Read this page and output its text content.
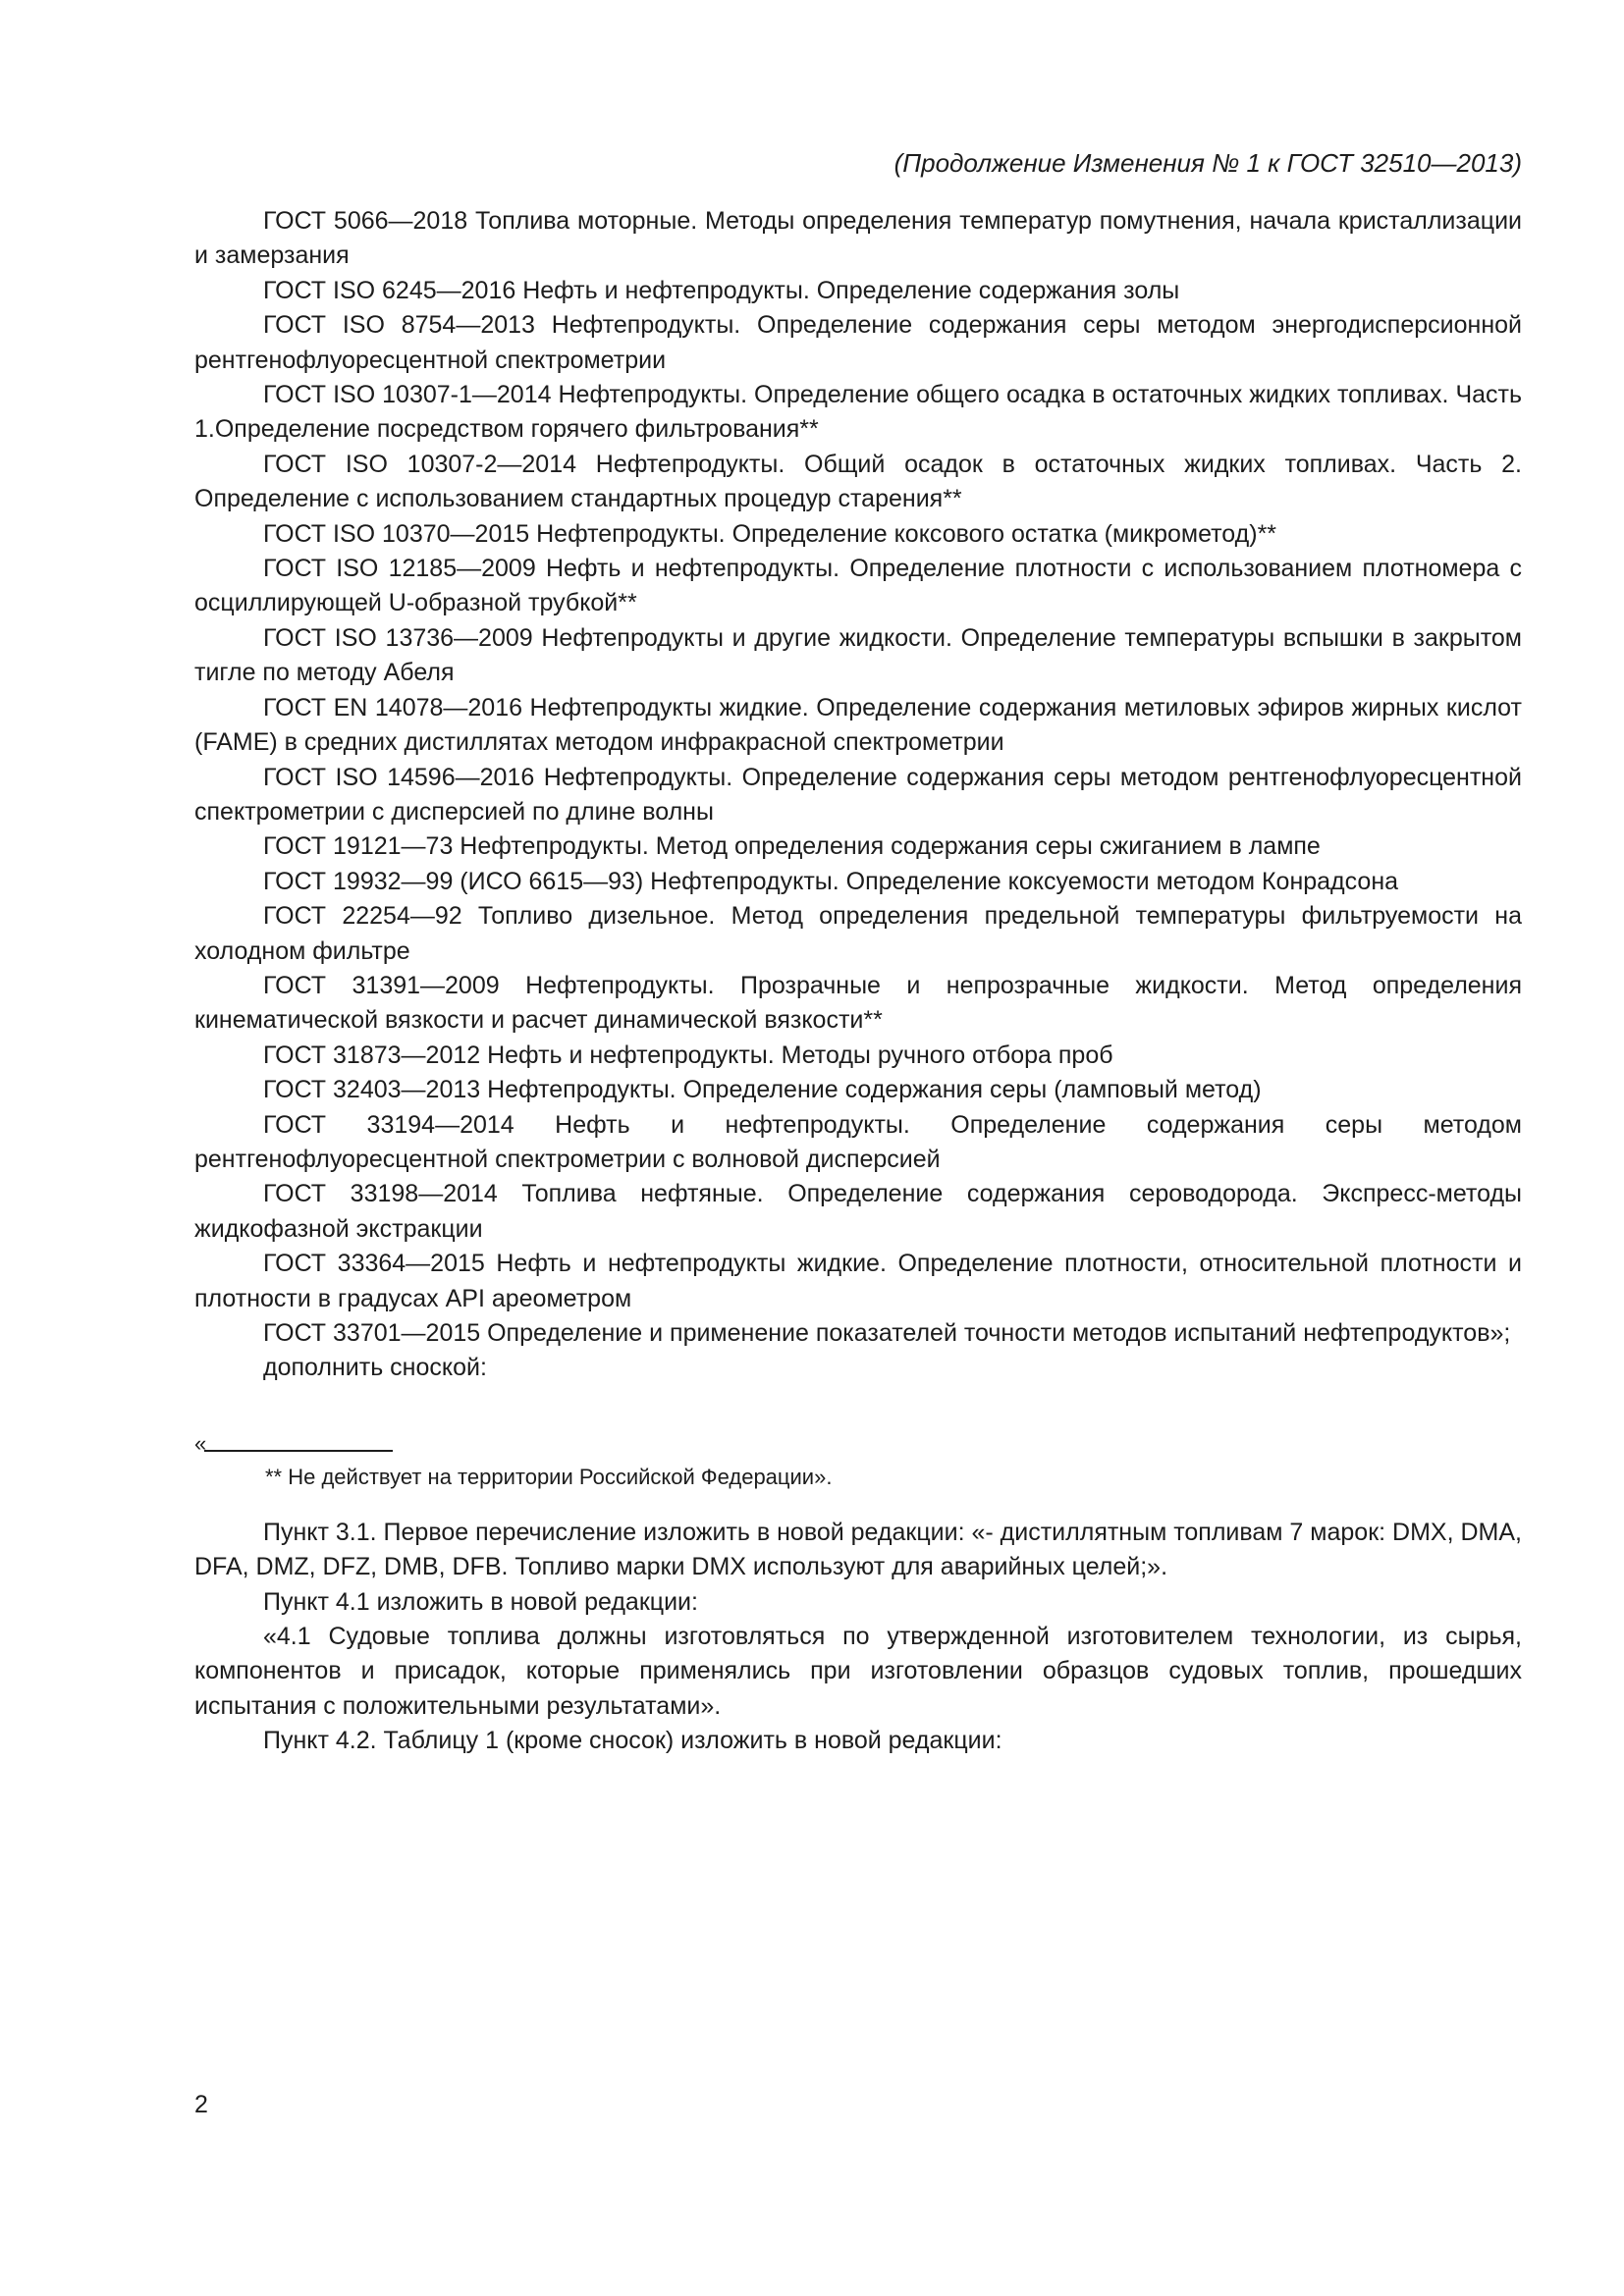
(Продолжение Изменения № 1 к ГОСТ 32510—2013)

ГОСТ 5066—2018 Топлива моторные. Методы определения температур помутнения, начала кристаллизации и замерзания

ГОСТ ISO 6245—2016 Нефть и нефтепродукты. Определение содержания золы

ГОСТ ISO 8754—2013 Нефтепродукты. Определение содержания серы методом энергодисперсионной рентгенофлуоресцентной спектрометрии

ГОСТ ISO 10307-1—2014 Нефтепродукты. Определение общего осадка в остаточных жидких топливах. Часть 1.Определение посредством горячего фильтрования**

ГОСТ ISO 10307-2—2014 Нефтепродукты. Общий осадок в остаточных жидких топливах. Часть 2. Определение с использованием стандартных процедур старения**

ГОСТ ISO 10370—2015 Нефтепродукты. Определение коксового остатка (микрометод)**

ГОСТ ISO 12185—2009 Нефть и нефтепродукты. Определение плотности с использованием плотномера с осциллирующей U-образной трубкой**

ГОСТ ISO 13736—2009 Нефтепродукты и другие жидкости. Определение температуры вспышки в закрытом тигле по методу Абеля

ГОСТ EN 14078—2016 Нефтепродукты жидкие. Определение содержания метиловых эфиров жирных кислот (FAME) в средних дистиллятах методом инфракрасной спектрометрии

ГОСТ ISO 14596—2016 Нефтепродукты. Определение содержания серы методом рентгенофлуоресцентной спектрометрии с дисперсией по длине волны

ГОСТ 19121—73 Нефтепродукты. Метод определения содержания серы сжиганием в лампе

ГОСТ 19932—99 (ИСО 6615—93) Нефтепродукты. Определение коксуемости методом Конрадсона

ГОСТ 22254—92 Топливо дизельное. Метод определения предельной температуры фильтруемости на холодном фильтре

ГОСТ 31391—2009 Нефтепродукты. Прозрачные и непрозрачные жидкости. Метод определения кинематической вязкости и расчет динамической вязкости**

ГОСТ 31873—2012 Нефть и нефтепродукты. Методы ручного отбора проб

ГОСТ 32403—2013 Нефтепродукты. Определение содержания серы (ламповый метод)

ГОСТ 33194—2014 Нефть и нефтепродукты. Определение содержания серы методом рентгенофлуоресцентной спектрометрии с волновой дисперсией

ГОСТ 33198—2014 Топлива нефтяные. Определение содержания сероводорода. Экспресс-методы жидкофазной экстракции

ГОСТ 33364—2015 Нефть и нефтепродукты жидкие. Определение плотности, относительной плотности и плотности в градусах API ареометром

ГОСТ 33701—2015 Определение и применение показателей точности методов испытаний нефтепродуктов»;

дополнить сноской:

«
** Не действует на территории Российской Федерации».

Пункт 3.1. Первое перечисление изложить в новой редакции: «- дистиллятным топливам 7 марок: DMX, DMA, DFA, DMZ, DFZ, DMB, DFB. Топливо марки DMX используют для аварийных целей;».

Пункт 4.1 изложить в новой редакции:

«4.1 Судовые топлива должны изготовляться по утвержденной изготовителем технологии, из сырья, компонентов и присадок, которые применялись при изготовлении образцов судовых топлив, прошедших испытания с положительными результатами».

Пункт 4.2. Таблицу 1 (кроме сносок) изложить в новой редакции:

2
